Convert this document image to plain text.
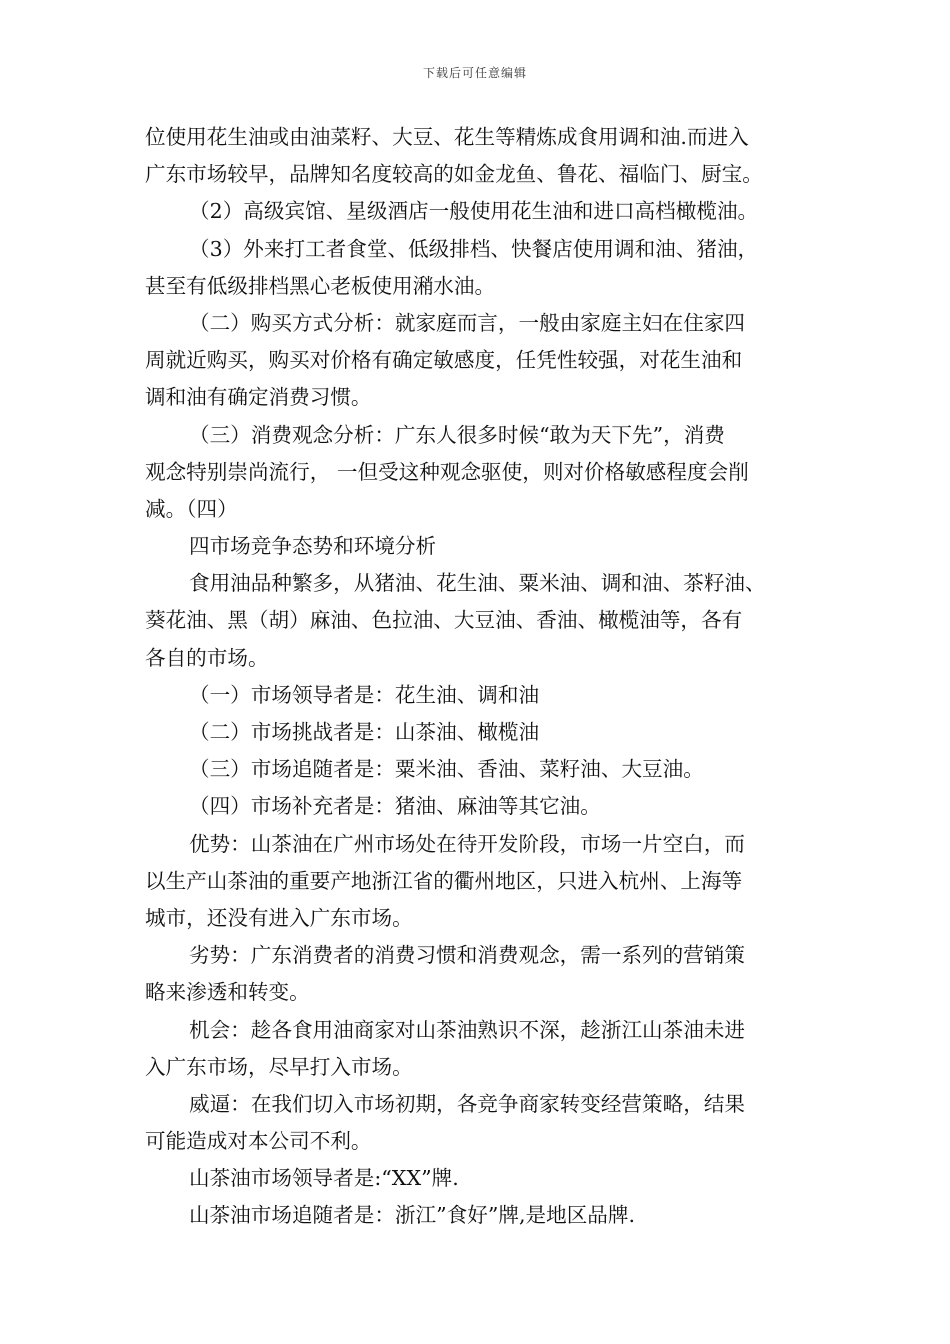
下载后可任意编辑
位使用花生油或由油菜籽、大豆、花生等精炼成食用调和油.而进入
广东市场较早，品牌知名度较高的如金龙鱼、鲁花、福临门、厨宝。
（2）高级宾馆、星级酒店一般使用花生油和进口高档橄榄油。
（3）外来打工者食堂、低级排档、快餐店使用调和油、猪油，
甚至有低级排档黑心老板使用潲水油。
（二）购买方式分析：就家庭而言，一般由家庭主妇在住家四
周就近购买，购买对价格有确定敏感度，任凭性较强，对花生油和
调和油有确定消费习惯。
（三）消费观念分析：广东人很多时候“敢为天下先”，消费
观念特别崇尚流行， 一但受这种观念驱使，则对价格敏感程度会削
减。（四）
四市场竞争态势和环境分析
食用油品种繁多，从猪油、花生油、粟米油、调和油、茶籽油、
葵花油、黑（胡）麻油、色拉油、大豆油、香油、橄榄油等，各有
各自的市场。
（一）市场领导者是：花生油、调和油
（二）市场挑战者是：山茶油、橄榄油
（三）市场追随者是：粟米油、香油、菜籽油、大豆油。
（四）市场补充者是：猪油、麻油等其它油。
优势：山茶油在广州市场处在待开发阶段，市场一片空白，而
以生产山茶油的重要产地浙江省的衢州地区，只进入杭州、上海等
城市，还没有进入广东市场。
劣势：广东消费者的消费习惯和消费观念，需一系列的营销策
略来渗透和转变。
机会：趁各食用油商家对山茶油熟识不深，趁浙江山茶油未进
入广东市场，尽早打入市场。
威逼：在我们切入市场初期，各竞争商家转变经营策略，结果
可能造成对本公司不利。
山茶油市场领导者是:“XX”牌.
山茶油市场追随者是：浙江”食好”牌,是地区品牌.
